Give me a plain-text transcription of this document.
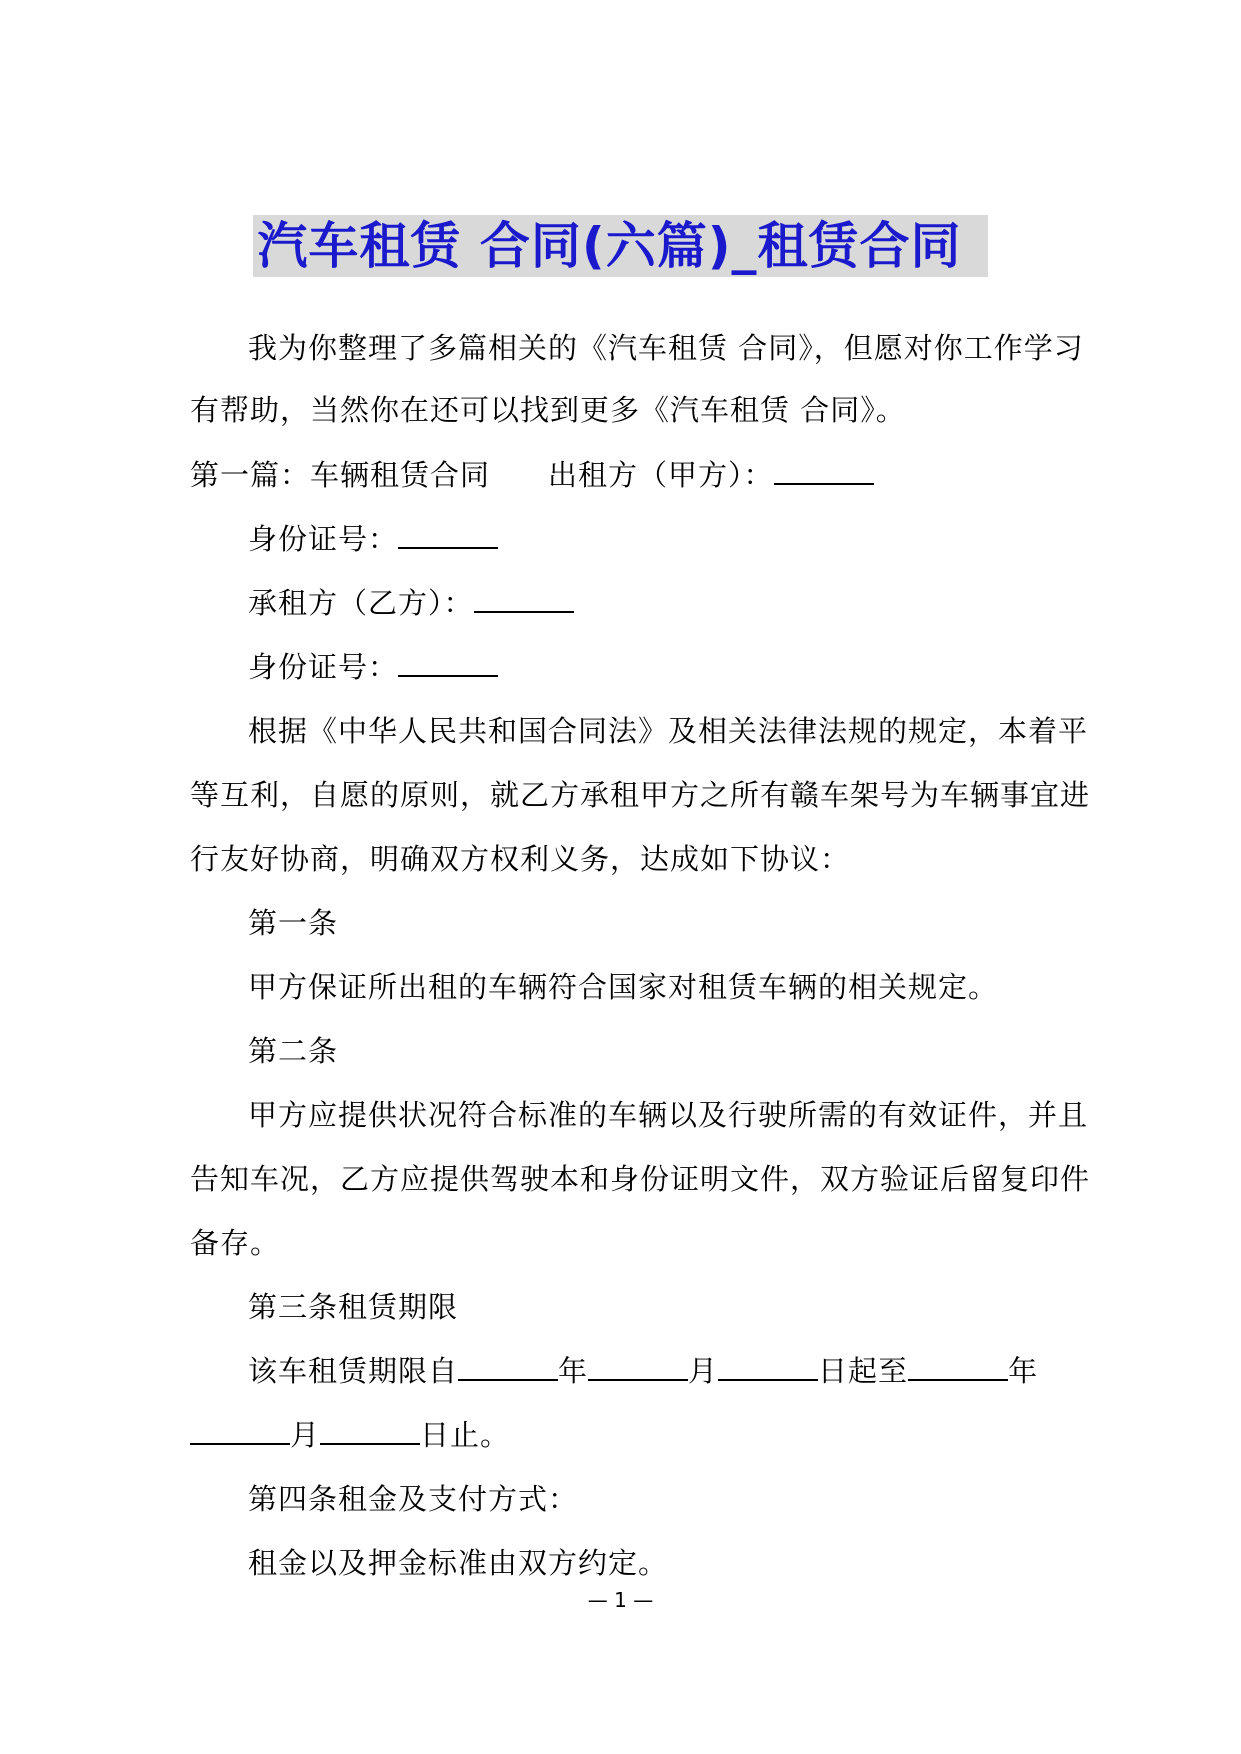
汽车租赁 合同(六篇)_租赁合同
我为你整理了多篇相关的《汽车租赁 合同》，但愿对你工作学习
有帮助，当然你在还可以找到更多《汽车租赁 合同》。
第一篇：车辆租赁合同 出租方（甲方）：
身份证号：
承租方（乙方）：
身份证号：
根据《中华人民共和国合同法》及相关法律法规的规定，本着平
等互利，自愿的原则，就乙方承租甲方之所有赣车架号为车辆事宜进
行友好协商，明确双方权利义务，达成如下协议：
第一条
甲方保证所出租的车辆符合国家对租赁车辆的相关规定。
第二条
甲方应提供状况符合标准的车辆以及行驶所需的有效证件，并且
告知车况，乙方应提供驾驶本和身份证明文件，双方验证后留复印件
备存。
第三条租赁期限
该车租赁期限自	年	月	日起至	年
月	日止。
第四条租金及支付方式：
租金以及押金标准由双方约定。
— 1 —
